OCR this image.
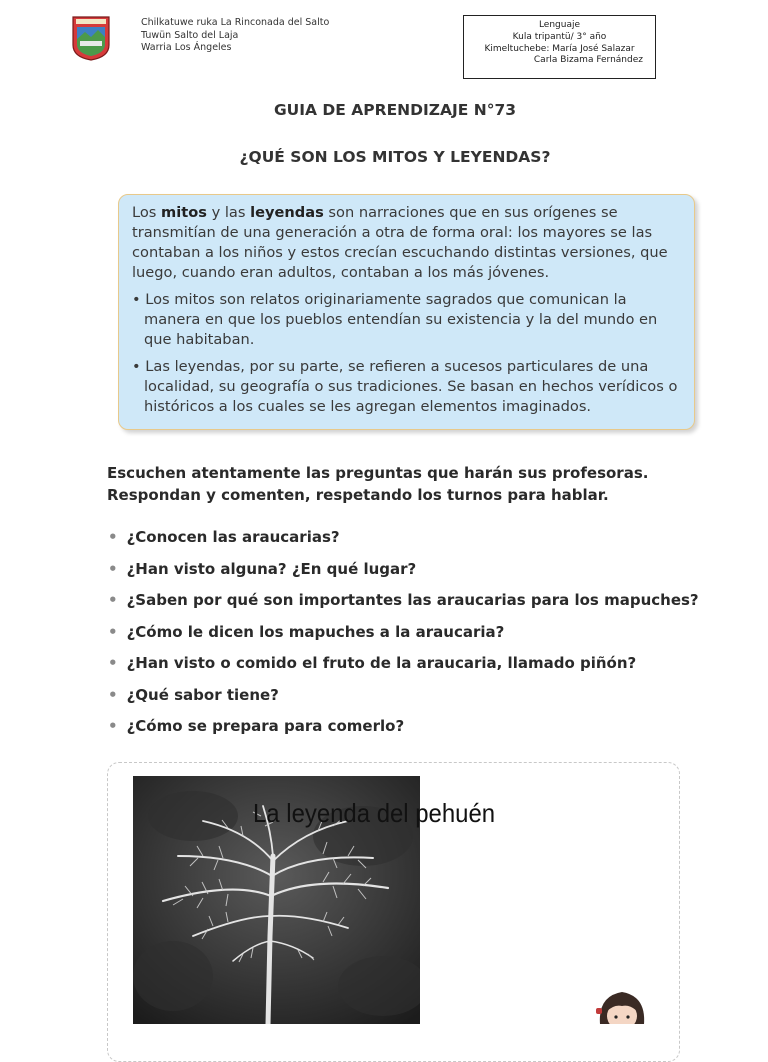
Chilkatuwe ruka La Rinconada del Salto
Tuwün Salto del Laja
Warria Los Ángeles
Lenguaje
Kula tripantü/ 3° año
Kimeltuchebe: María José Salazar
Carla Bizama Fernández
GUIA DE APRENDIZAJE N°73
¿QUÉ SON LOS MITOS Y LEYENDAS?

Los mitos y las leyendas son narraciones que en sus orígenes se transmitían de una generación a otra de forma oral: los mayores se las contaban a los niños y estos crecían escuchando distintas versiones, que luego, cuando eran adultos, contaban a los más jóvenes.

• Los mitos son relatos originariamente sagrados que comunican la manera en que los pueblos entendían su existencia y la del mundo en que habitaban.

• Las leyendas, por su parte, se refieren a sucesos particulares de una localidad, su geografía o sus tradiciones. Se basan en hechos verídicos o históricos a los cuales se les agregan elementos imaginados.

Escuchen atentamente las preguntas que harán sus profesoras.
Respondan y comenten, respetando los turnos para hablar.
• ¿Conocen las araucarias?
• ¿Han visto alguna? ¿En qué lugar?
• ¿Saben por qué son importantes las araucarias para los mapuches?
• ¿Cómo le dicen los mapuches a la araucaria?
• ¿Han visto o comido el fruto de la araucaria, llamado piñón?
• ¿Qué sabor tiene?
• ¿Cómo se prepara para comerlo?
La leyenda del pehuén
